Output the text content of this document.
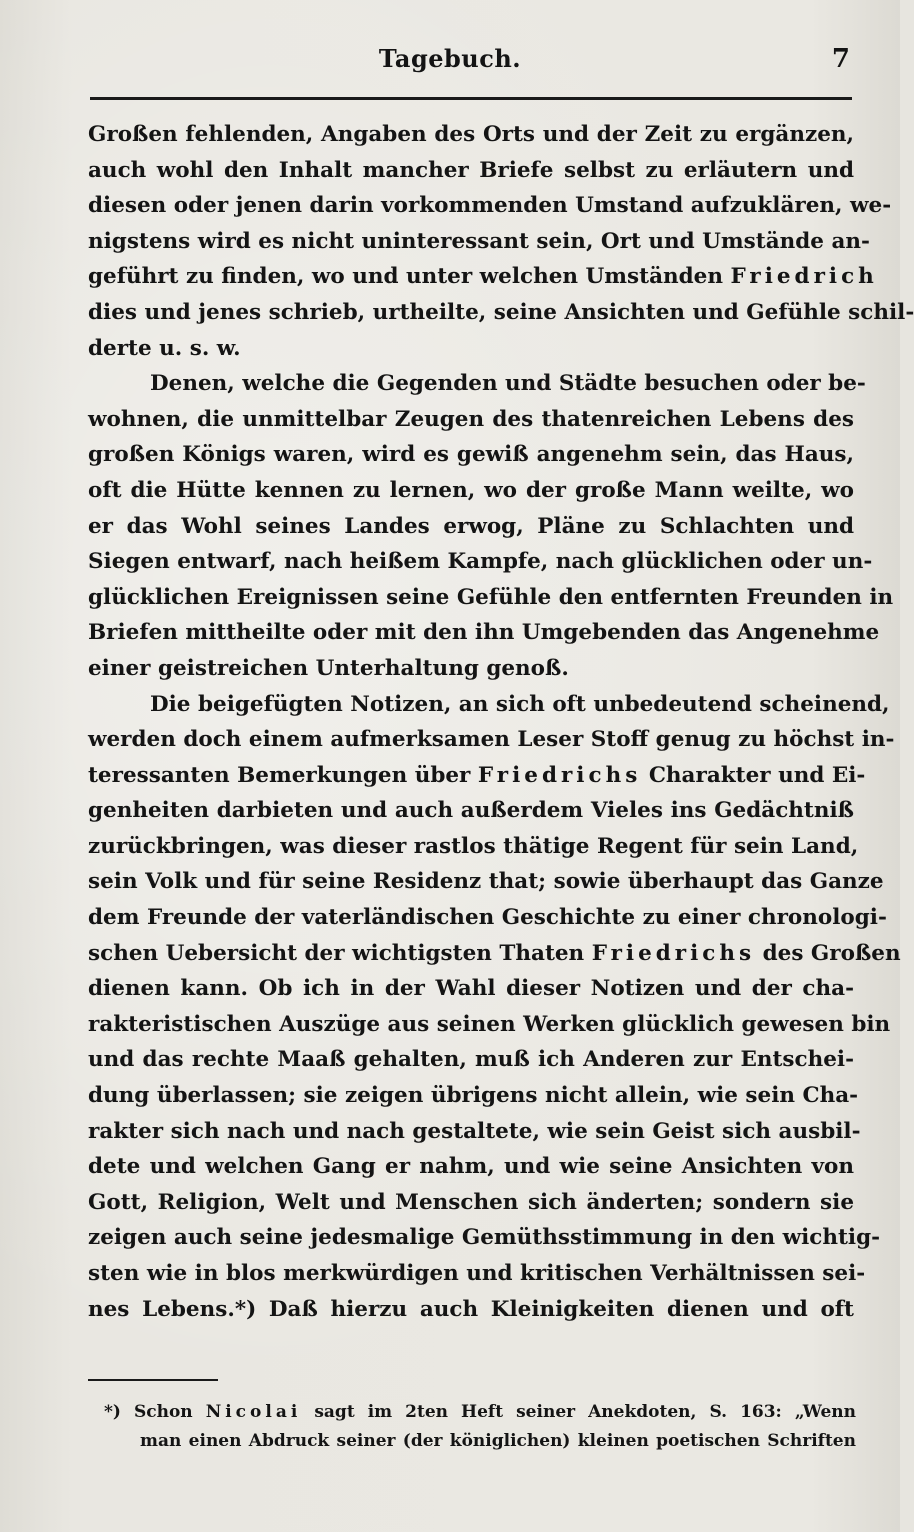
Tagebuch.	7
Großen fehlenden, Angaben des Orts und der Zeit zu ergänzen,
auch wohl den Inhalt mancher Briefe selbst zu erläutern und
diesen oder jenen darin vorkommenden Umstand aufzuklären, we-
nigstens wird es nicht uninteressant sein, Ort und Umstände an-
geführt zu finden, wo und unter welchen Umständen Friedrich
dies und jenes schrieb, urtheilte, seine Ansichten und Gefühle schil-
derte u. s. w.
Denen, welche die Gegenden und Städte besuchen oder be-
wohnen, die unmittelbar Zeugen des thatenreichen Lebens des
großen Königs waren, wird es gewiß angenehm sein, das Haus,
oft die Hütte kennen zu lernen, wo der große Mann weilte, wo
er das Wohl seines Landes erwog, Pläne zu Schlachten und
Siegen entwarf, nach heißem Kampfe, nach glücklichen oder un-
glücklichen Ereignissen seine Gefühle den entfernten Freunden in
Briefen mittheilte oder mit den ihn Umgebenden das Angenehme
einer geistreichen Unterhaltung genoß.
Die beigefügten Notizen, an sich oft unbedeutend scheinend,
werden doch einem aufmerksamen Leser Stoff genug zu höchst in-
teressanten Bemerkungen über Friedrichs Charakter und Ei-
genheiten darbieten und auch außerdem Vieles ins Gedächtniß
zurückbringen, was dieser rastlos thätige Regent für sein Land,
sein Volk und für seine Residenz that; sowie überhaupt das Ganze
dem Freunde der vaterländischen Geschichte zu einer chronologi-
schen Uebersicht der wichtigsten Thaten Friedrichs des Großen
dienen kann. Ob ich in der Wahl dieser Notizen und der cha-
rakteristischen Auszüge aus seinen Werken glücklich gewesen bin
und das rechte Maaß gehalten, muß ich Anderen zur Entschei-
dung überlassen; sie zeigen übrigens nicht allein, wie sein Cha-
rakter sich nach und nach gestaltete, wie sein Geist sich ausbil-
dete und welchen Gang er nahm, und wie seine Ansichten von
Gott, Religion, Welt und Menschen sich änderten; sondern sie
zeigen auch seine jedesmalige Gemüthsstimmung in den wichtig-
sten wie in blos merkwürdigen und kritischen Verhältnissen sei-
nes Lebens.*) Daß hierzu auch Kleinigkeiten dienen und oft
*) Schon Nicolai sagt im 2ten Heft seiner Anekdoten, S. 163: „Wenn
man einen Abdruck seiner (der königlichen) kleinen poetischen Schriften
